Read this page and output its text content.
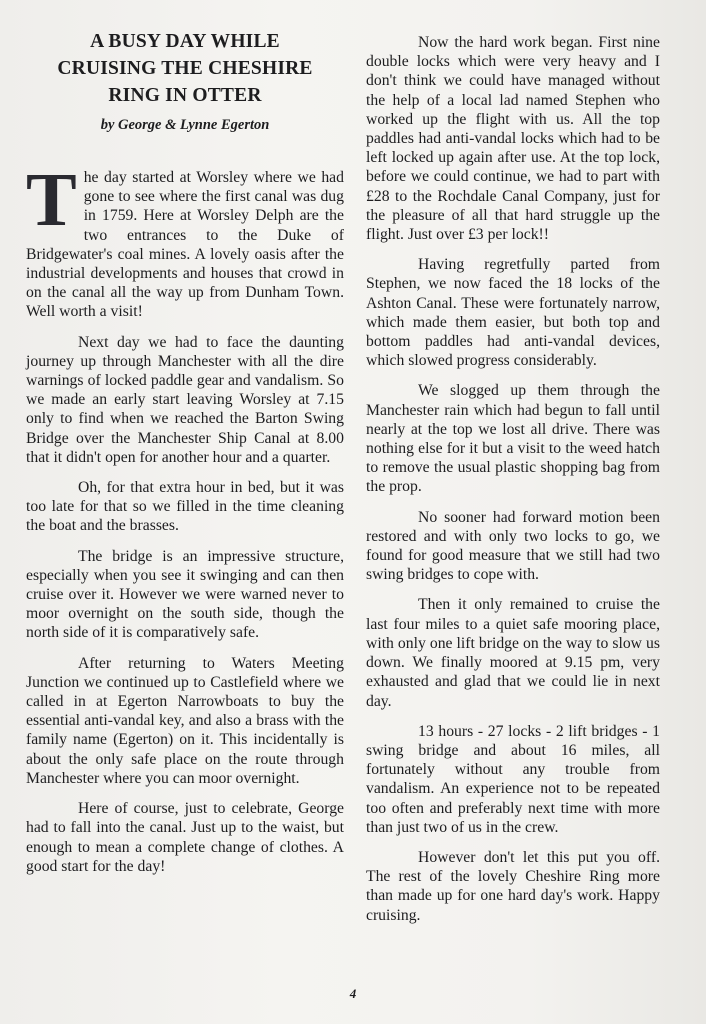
A BUSY DAY WHILE
CRUISING THE CHESHIRE
RING IN OTTER
by George & Lynne Egerton

The day started at Worsley where we had gone to see where the first canal was dug in 1759. Here at Worsley Delph are the two entrances to the Duke of Bridgewater's coal mines. A lovely oasis after the industrial developments and houses that crowd in on the canal all the way up from Dunham Town. Well worth a visit!

Next day we had to face the daunting journey up through Manchester with all the dire warnings of locked paddle gear and vandalism. So we made an early start leaving Worsley at 7.15 only to find when we reached the Barton Swing Bridge over the Manchester Ship Canal at 8.00 that it didn't open for another hour and a quarter.

Oh, for that extra hour in bed, but it was too late for that so we filled in the time cleaning the boat and the brasses.

The bridge is an impressive structure, especially when you see it swinging and can then cruise over it. However we were warned never to moor overnight on the south side, though the north side of it is comparatively safe.

After returning to Waters Meeting Junction we continued up to Castlefield where we called in at Egerton Narrowboats to buy the essential anti-vandal key, and also a brass with the family name (Egerton) on it. This incidentally is about the only safe place on the route through Manchester where you can moor overnight.

Here of course, just to celebrate, George had to fall into the canal. Just up to the waist, but enough to mean a complete change of clothes. A good start for the day!

Now the hard work began. First nine double locks which were very heavy and I don't think we could have managed without the help of a local lad named Stephen who worked up the flight with us. All the top paddles had anti-vandal locks which had to be left locked up again after use. At the top lock, before we could continue, we had to part with £28 to the Rochdale Canal Company, just for the pleasure of all that hard struggle up the flight. Just over £3 per lock!!

Having regretfully parted from Stephen, we now faced the 18 locks of the Ashton Canal. These were fortunately narrow, which made them easier, but both top and bottom paddles had anti-vandal devices, which slowed progress considerably.

We slogged up them through the Manchester rain which had begun to fall until nearly at the top we lost all drive. There was nothing else for it but a visit to the weed hatch to remove the usual plastic shopping bag from the prop.

No sooner had forward motion been restored and with only two locks to go, we found for good measure that we still had two swing bridges to cope with.

Then it only remained to cruise the last four miles to a quiet safe mooring place, with only one lift bridge on the way to slow us down. We finally moored at 9.15 pm, very exhausted and glad that we could lie in next day.

13 hours - 27 locks - 2 lift bridges - 1 swing bridge and about 16 miles, all fortunately without any trouble from vandalism. An experience not to be repeated too often and preferably next time with more than just two of us in the crew.

However don't let this put you off. The rest of the lovely Cheshire Ring more than made up for one hard day's work. Happy cruising.

4
